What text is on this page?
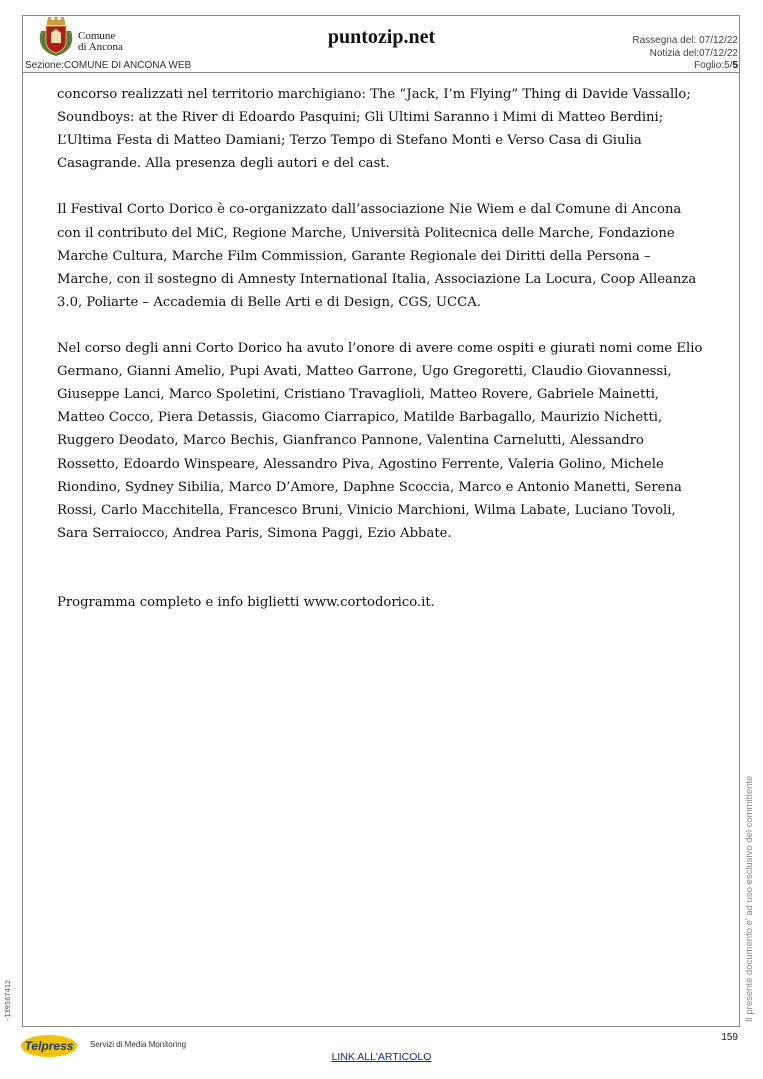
Comune
di Ancona	puntozip.net	Rassegna del: 07/12/22
Notizia del:07/12/22
Foglio:5/5
Sezione:COMUNE DI ANCONA WEB

concorso realizzati nel territorio marchigiano: The “Jack, I’m Flying” Thing di Davide Vassallo; Soundboys: at the River di Edoardo Pasquini; Gli Ultimi Saranno i Mimi di Matteo Berdini; L’Ultima Festa di Matteo Damiani; Terzo Tempo di Stefano Monti e Verso Casa di Giulia Casagrande. Alla presenza degli autori e del cast.

Il Festival Corto Dorico è co-organizzato dall’associazione Nie Wiem e dal Comune di Ancona con il contributo del MiC, Regione Marche, Università Politecnica delle Marche, Fondazione Marche Cultura, Marche Film Commission, Garante Regionale dei Diritti della Persona – Marche, con il sostegno di Amnesty International Italia, Associazione La Locura, Coop Alleanza 3.0, Poliarte – Accademia di Belle Arti e di Design, CGS, UCCA.

Nel corso degli anni Corto Dorico ha avuto l’onore di avere come ospiti e giurati nomi come Elio Germano, Gianni Amelio, Pupi Avati, Matteo Garrone, Ugo Gregoretti, Claudio Giovannessi, Giuseppe Lanci, Marco Spoletini, Cristiano Travaglioli, Matteo Rovere, Gabriele Mainetti, Matteo Cocco, Piera Detassis, Giacomo Ciarrapico, Matilde Barbagallo, Maurizio Nichetti, Ruggero Deodato, Marco Bechis, Gianfranco Pannone, Valentina Carnelutti, Alessandro Rossetto, Edoardo Winspeare, Alessandro Piva, Agostino Ferrente, Valeria Golino, Michele Riondino, Sydney Sibilia, Marco D’Amore, Daphne Scoccia, Marco e Antonio Manetti, Serena Rossi, Carlo Macchitella, Francesco Bruni, Vinicio Marchioni, Wilma Labate, Luciano Tovoli, Sara Serraiocco, Andrea Paris, Simona Paggi, Ezio Abbate.

Programma completo e info biglietti www.cortodorico.it.

Il presente documento e' ad uso esclusivo del committente
-139567412
Telpress Servizi di Media Monitoring
159
LINK ALL'ARTICOLO
